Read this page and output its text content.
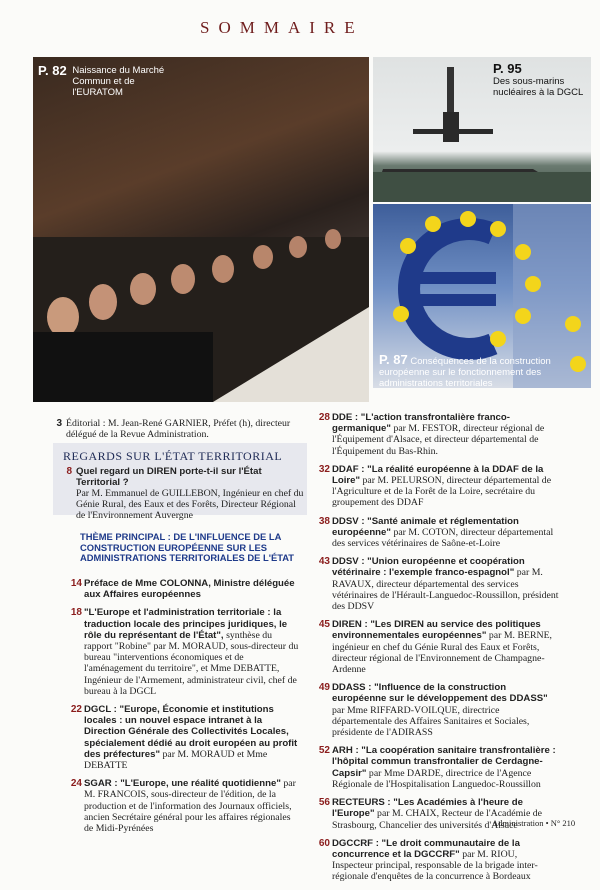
SOMMAIRE
P. 82 Naissance du Marché Commun et de l'EURATOM
P. 95
Des sous-marins nucléaires à la DGCL
P. 87 Conséquences de la construction européenne sur le fonctionnement des administrations territoriales
Éditorial : M. Jean-René GARNIER, Préfet (h), directeur délégué de la Revue Administration.
3
REGARDS SUR L'ÉTAT TERRITORIAL
8 Quel regard un DIREN porte-t-il sur l'État Territorial ?
Par M. Emmanuel de GUILLEBON, Ingénieur en chef du Génie Rural, des Eaux et des Forêts, Directeur Régional de l'Environnement Auvergne
THÈME PRINCIPAL : DE L'INFLUENCE DE LA CONSTRUCTION EUROPÉENNE SUR LES ADMINISTRATIONS TERRITORIALES DE L'ÉTAT
14 Préface de Mme COLONNA, Ministre déléguée aux Affaires européennes
18 "L'Europe et l'administration territoriale : la traduction locale des principes juridiques, le rôle du représentant de l'État", synthèse du rapport "Robine" par M. MORAUD, sous-directeur du bureau "interventions économiques et de l'aménagement du territoire", et Mme DEBATTE, Ingénieur de l'Armement, administrateur civil, chef de bureau à la DGCL
22 DGCL : "Europe, Économie et institutions locales : un nouvel espace intranet à la Direction Générale des Collectivités Locales, spécialement dédié au droit européen au profit des préfectures" par M. MORAUD et Mme DEBATTE
24 SGAR : "L'Europe, une réalité quotidienne" par M. FRANCOIS, sous-directeur de l'édition, de la production et de l'information des Journaux officiels, ancien Secrétaire général pour les affaires régionales de Midi-Pyrénées
28 DDE : "L'action transfrontalière franco-germanique" par M. FESTOR, directeur régional de l'Équipement d'Alsace, et directeur départemental de l'Équipement du Bas-Rhin.
32 DDAF : "La réalité européenne à la DDAF de la Loire" par M. PELURSON, directeur départemental de l'Agriculture et de la Forêt de la Loire, secrétaire du groupement des DDAF
38 DDSV : "Santé animale et réglementation européenne" par M. COTON, directeur départemental des services vétérinaires de Saône-et-Loire
43 DDSV : "Union européenne et coopération vétérinaire : l'exemple franco-espagnol" par M. RAVAUX, directeur départemental des services vétérinaires de l'Hérault-Languedoc-Roussillon, président des DDSV
45 DIREN : "Les DIREN au service des politiques environnementales européennes" par M. BERNE, ingénieur en chef du Génie Rural des Eaux et Forêts, directeur régional de l'Environnement de Champagne-Ardenne
49 DDASS : "Influence de la construction européenne sur le développement des DDASS" par Mme RIFFARD-VOILQUE, directrice départementale des Affaires Sanitaires et Sociales, présidente de l'ADIRASS
52 ARH : "La coopération sanitaire transfrontalière : l'hôpital commun transfrontalier de Cerdagne-Capsir" par Mme DARDE, directrice de l'Agence Régionale de l'Hospitalisation Languedoc-Roussillon
56 RECTEURS : "Les Académies à l'heure de l'Europe" par M. CHAIX, Recteur de l'Académie de Strasbourg, Chancelier des universités d'Alsace
60 DGCCRF : "Le droit communautaire de la concurrence et la DGCCRF" par M. RIOU, Inspecteur principal, responsable de la brigade inter-régionale d'enquêtes de la concurrence à Bordeaux
Administration • N° 210
